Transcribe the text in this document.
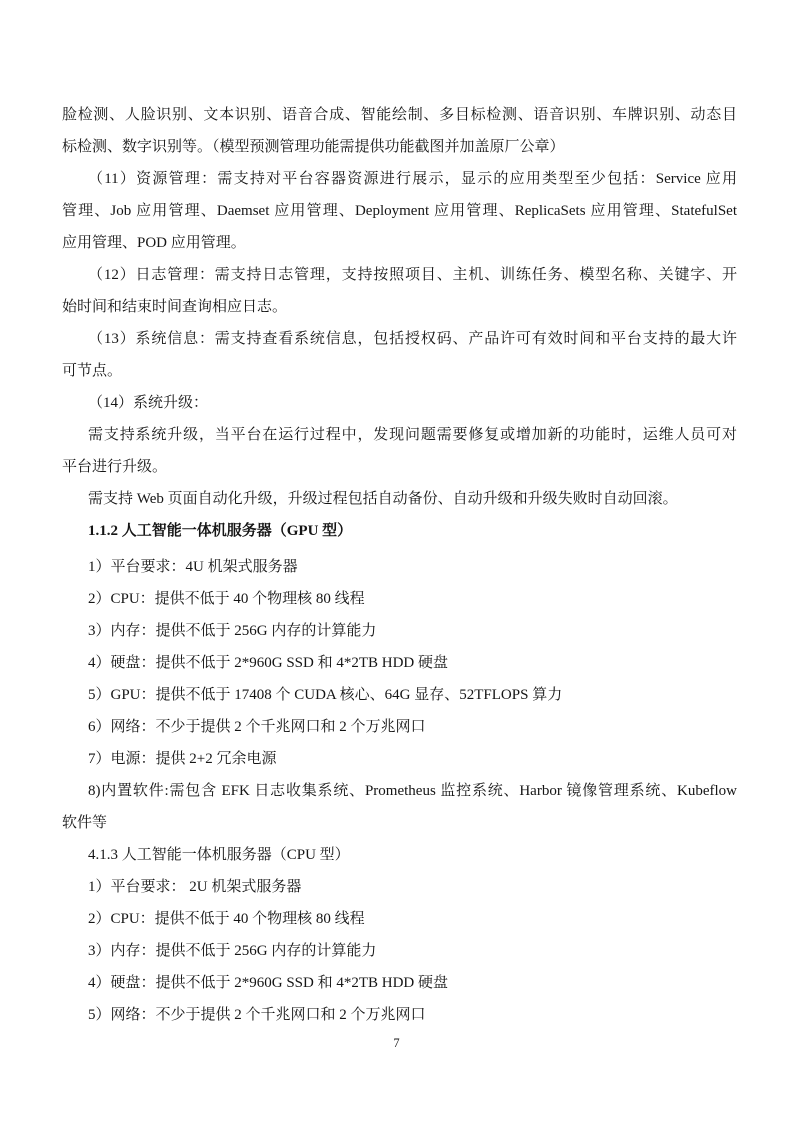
脸检测、人脸识别、文本识别、语音合成、智能绘制、多目标检测、语音识别、车牌识别、动态目
标检测、数字识别等。（模型预测管理功能需提供功能截图并加盖原厂公章）
（11）资源管理：需支持对平台容器资源进行展示，显示的应用类型至少包括：Service 应用
管理、Job 应用管理、Daemset 应用管理、Deployment 应用管理、ReplicaSets 应用管理、StatefulSet
应用管理、POD 应用管理。
（12）日志管理：需支持日志管理，支持按照项目、主机、训练任务、模型名称、关键字、开
始时间和结束时间查询相应日志。
（13）系统信息：需支持查看系统信息，包括授权码、产品许可有效时间和平台支持的最大许
可节点。
（14）系统升级：
需支持系统升级，当平台在运行过程中，发现问题需要修复或增加新的功能时，运维人员可对
平台进行升级。
需支持 Web 页面自动化升级，升级过程包括自动备份、自动升级和升级失败时自动回滚。
1.1.2 人工智能一体机服务器（GPU 型）
1）平台要求：4U 机架式服务器
2）CPU：提供不低于 40 个物理核 80 线程
3）内存：提供不低于 256G 内存的计算能力
4）硬盘：提供不低于 2*960G SSD 和 4*2TB HDD 硬盘
5）GPU：提供不低于 17408 个 CUDA 核心、64G 显存、52TFLOPS 算力
6）网络：不少于提供 2 个千兆网口和 2 个万兆网口
7）电源：提供 2+2 冗余电源
8)内置软件:需包含 EFK 日志收集系统、Prometheus 监控系统、Harbor 镜像管理系统、Kubeflow
软件等
4.1.3 人工智能一体机服务器（CPU 型）
1）平台要求： 2U 机架式服务器
2）CPU：提供不低于 40 个物理核 80 线程
3）内存：提供不低于 256G 内存的计算能力
4）硬盘：提供不低于 2*960G SSD 和 4*2TB HDD 硬盘
5）网络：不少于提供 2 个千兆网口和 2 个万兆网口
7
